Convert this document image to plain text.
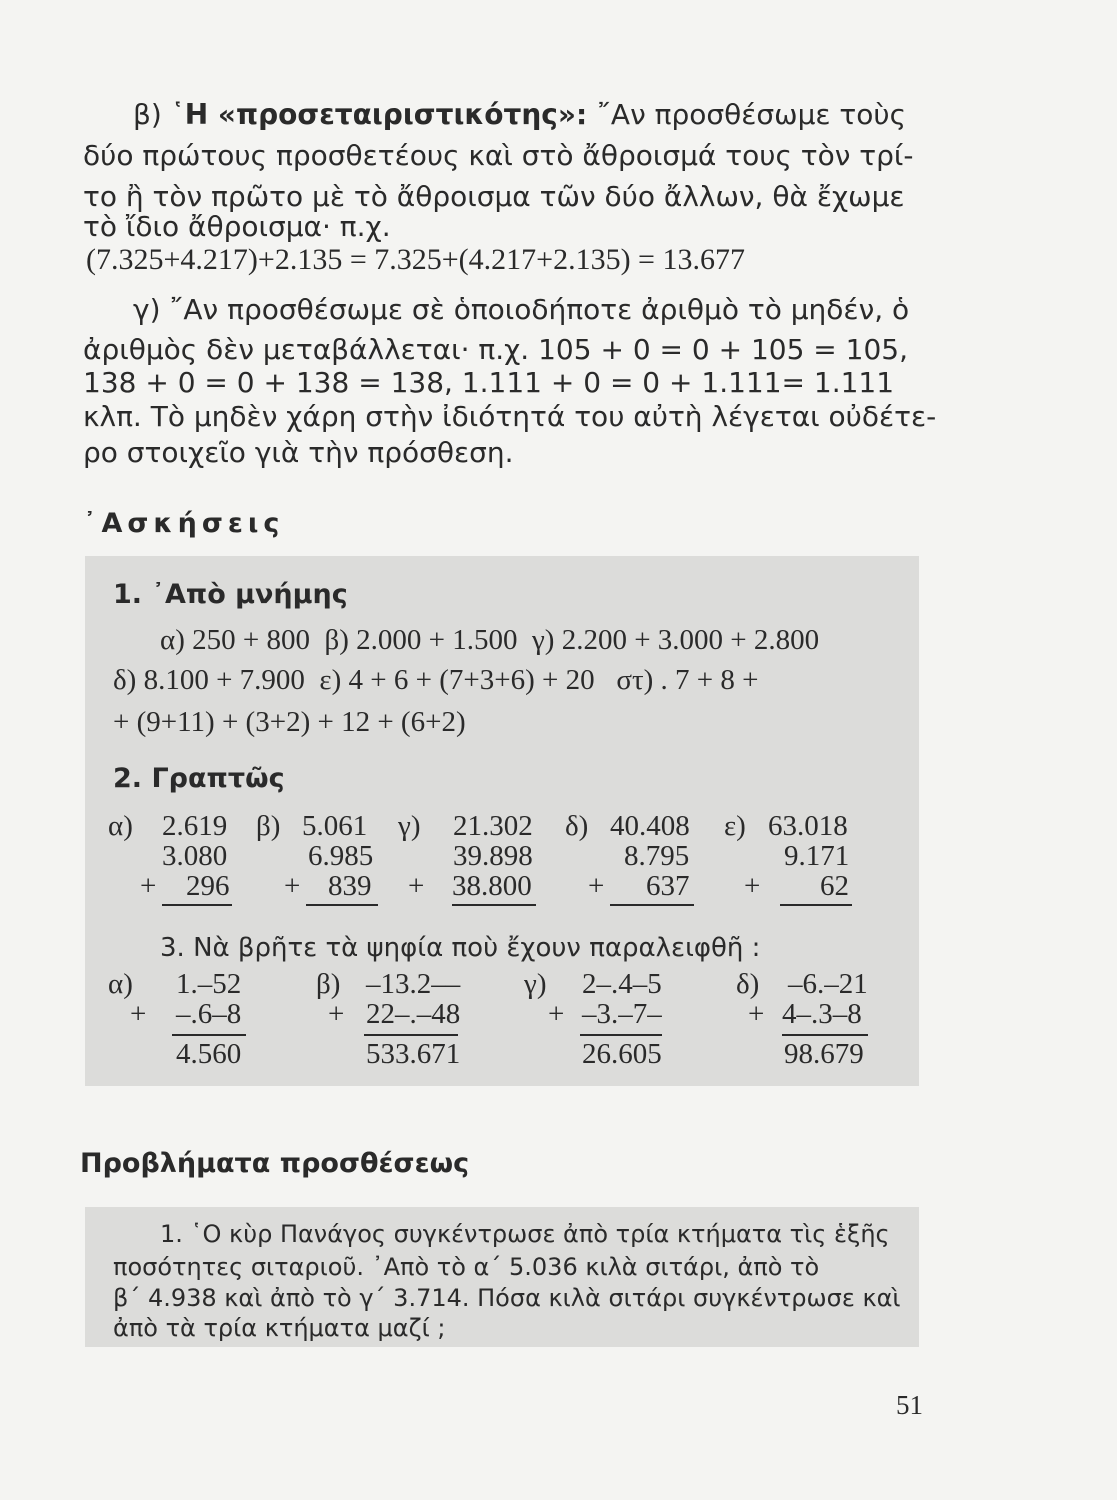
β) ῾Η «προσεταιριστικότης»: ῎Αν προσθέσωμε τοὺς
δύο πρώτους προσθετέους καὶ στὸ ἄθροισμά τους τὸν τρί-
το ἢ τὸν πρῶτο μὲ τὸ ἄθροισμα τῶν δύο ἄλλων, θὰ ἔχωμε
τὸ ἴδιο ἄθροισμα· π.χ.
(7.325+4.217)+2.135 = 7.325+(4.217+2.135) = 13.677
γ) ῎Αν προσθέσωμε σὲ ὁποιοδήποτε ἀριθμὸ τὸ μηδέν, ὁ
ἀριθμὸς δὲν μεταβάλλεται· π.χ. 105 + 0 = 0 + 105 = 105,
138 + 0 = 0 + 138 = 138, 1.111 + 0 = 0 + 1.111= 1.111
κλπ. Τὸ μηδὲν χάρη στὴν ἰδιότητά του αὐτὴ λέγεται οὐδέτε-
ρο στοιχεῖο γιὰ τὴν πρόσθεση.
᾿Ασκήσεις
1. ᾿Απὸ μνήμης
α) 250 + 800  β) 2.000 + 1.500  γ) 2.200 + 3.000 + 2.800
δ) 8.100 + 7.900  ε) 4 + 6 + (7+3+6) + 20   στ) . 7 + 8 +
+ (9+11) + (3+2) + 12 + (6+2)
2. Γραπτῶς
α) 2.619
3.080
+ 296
β) 5.061
6.985
+ 839
γ) 21.302
39.898
+ 38.800
δ) 40.408
8.795
+ 637
ε) 63.018
9.171
+ 62
3. Νὰ βρῆτε τὰ ψηφία ποὺ ἔχουν παραλειφθῆ :
α) 1.–52
+ –.6–8
4.560
β) –13.2––
+ 22–.–48
533.671
γ) 2–.4–5
+ –3.–7–
26.605
δ) –6.–21
+ 4–.3–8
98.679
Προβλήματα προσθέσεως
1. ῾Ο κὺρ Πανάγος συγκέντρωσε ἀπὸ τρία κτήματα τὶς ἑξῆς
ποσότητες σιταριοῦ. ᾿Απὸ τὸ α΄ 5.036 κιλὰ σιτάρι, ἀπὸ τὸ
β΄ 4.938 καὶ ἀπὸ τὸ γ΄ 3.714. Πόσα κιλὰ σιτάρι συγκέντρωσε καὶ
ἀπὸ τὰ τρία κτήματα μαζί ;
51
